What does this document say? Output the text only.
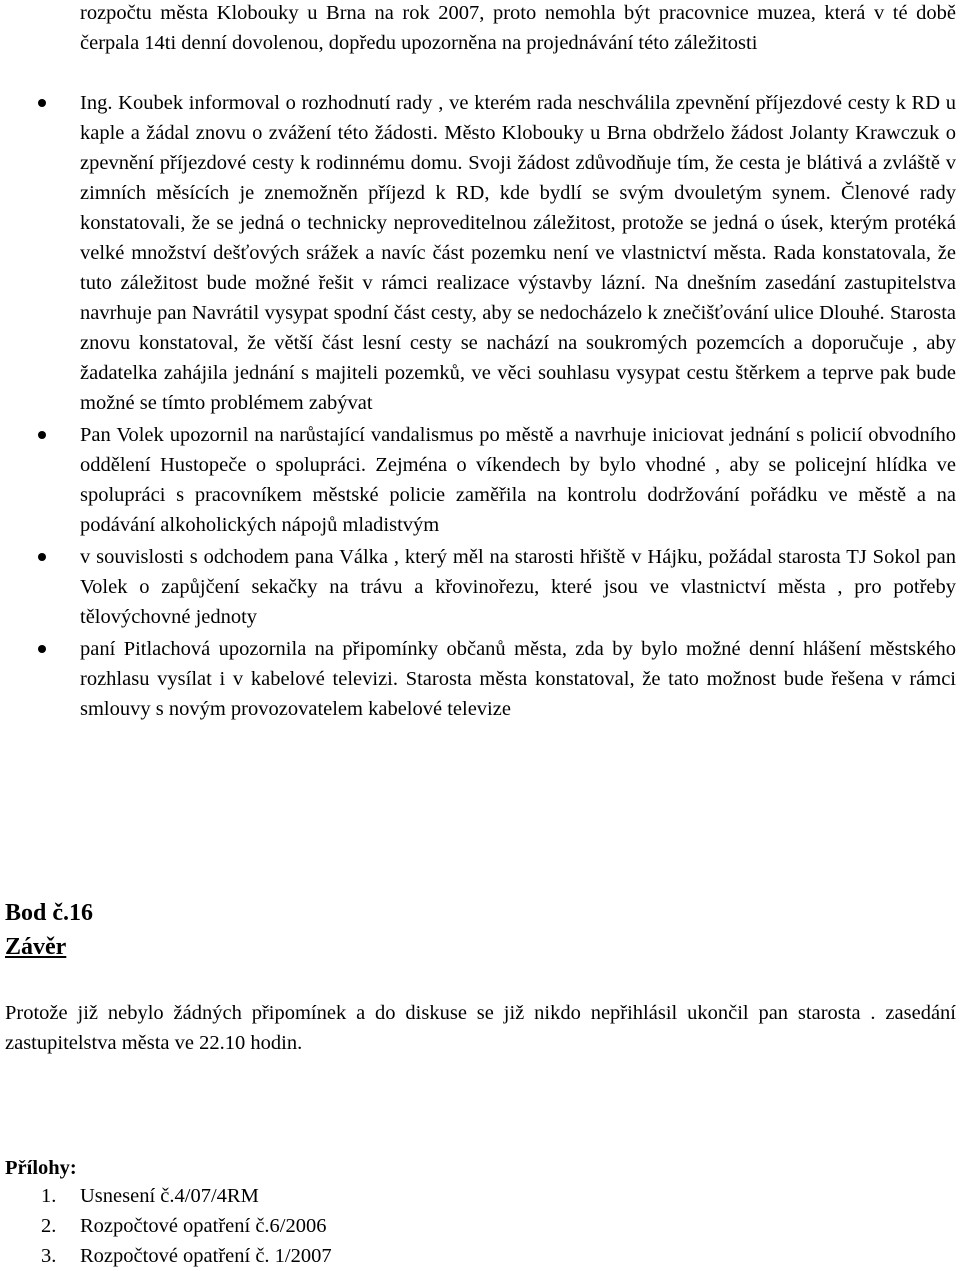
rozpočtu města Klobouky u Brna na rok 2007, proto nemohla být pracovnice muzea, která v té době čerpala 14ti denní dovolenou, dopředu upozorněna na projednávání této záležitosti

Ing. Koubek informoval o rozhodnutí rady , ve kterém rada neschválila zpevnění příjezdové cesty k RD u kaple a žádal znovu o zvážení této žádosti. Město Klobouky u Brna obdrželo žádost Jolanty Krawczuk o zpevnění příjezdové cesty k rodinnému domu. Svoji žádost zdůvodňuje tím, že cesta je blátivá a zvláště v zimních měsících je znemožněn příjezd k RD, kde bydlí se svým dvouletým synem. Členové rady konstatovali, že se jedná o technicky neproveditelnou záležitost, protože se jedná o úsek, kterým protéká velké množství dešťových srážek a navíc část pozemku není ve vlastnictví města. Rada konstatovala, že tuto záležitost bude možné řešit v rámci realizace výstavby lázní. Na dnešním zasedání zastupitelstva navrhuje pan Navrátil vysypat spodní část cesty, aby se nedocházelo k znečišťování ulice Dlouhé. Starosta znovu konstatoval, že větší část lesní cesty se nachází na soukromých pozemcích a doporučuje , aby žadatelka zahájila jednání s majiteli pozemků, ve věci souhlasu vysypat cestu štěrkem a teprve pak bude možné se tímto problémem zabývat

Pan Volek upozornil na narůstající vandalismus po městě a navrhuje iniciovat jednání s policií obvodního oddělení Hustopeče o spolupráci. Zejména o víkendech by bylo vhodné , aby se policejní hlídka ve spolupráci s pracovníkem městské policie zaměřila na kontrolu dodržování pořádku ve městě a na podávání alkoholických nápojů mladistvým

v souvislosti s odchodem pana Válka , který měl na starosti hřiště v Hájku, požádal starosta TJ Sokol pan Volek o zapůjčení sekačky na trávu a křovinořezu, které jsou ve vlastnictví města , pro potřeby tělovýchovné jednoty

paní Pitlachová upozornila na připomínky občanů města, zda by bylo možné denní hlášení městského rozhlasu vysílat i v kabelové televizi. Starosta města konstatoval, že tato možnost bude řešena v rámci smlouvy s novým provozovatelem kabelové televize

Bod č.16

Závěr

Protože již nebylo žádných připomínek a do diskuse se již nikdo nepřihlásil ukončil pan starosta . zasedání zastupitelstva města ve 22.10 hodin.

Přílohy:

1. Usnesení č.4/07/4RM
2. Rozpočtové opatření č.6/2006
3. Rozpočtové opatření č. 1/2007
